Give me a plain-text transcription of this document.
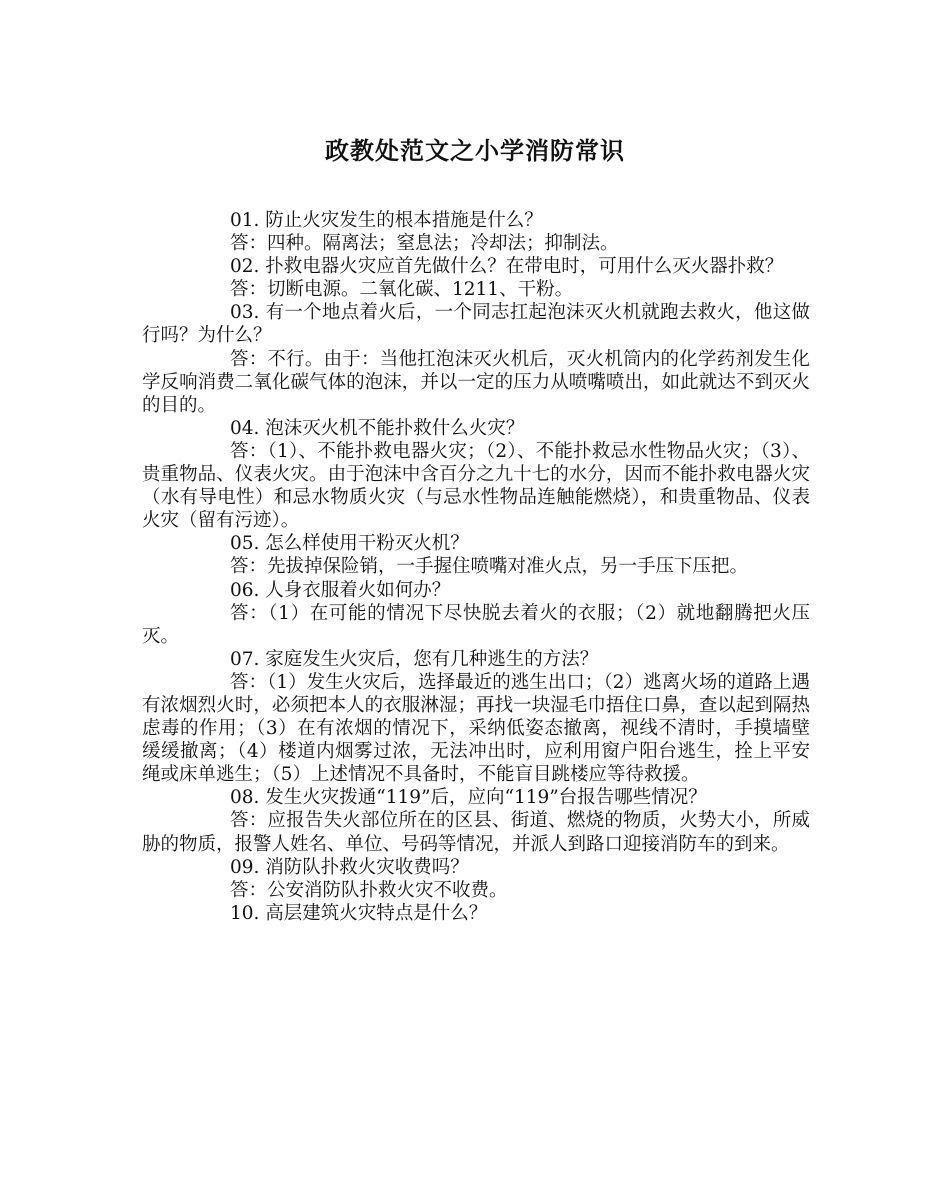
政教处范文之小学消防常识

01. 防止火灾发生的根本措施是什么？

答：四种。隔离法；窒息法；冷却法；抑制法。

02. 扑救电器火灾应首先做什么？在带电时，可用什么灭火器扑救？

答：切断电源。二氧化碳、1211、干粉。

03. 有一个地点着火后，一个同志扛起泡沫灭火机就跑去救火，他这做行吗？为什么？

答：不行。由于：当他扛泡沫灭火机后，灭火机筒内的化学药剂发生化学反响消费二氧化碳气体的泡沫，并以一定的压力从喷嘴喷出，如此就达不到灭火的目的。

04. 泡沫灭火机不能扑救什么火灾？

答：（1）、不能扑救电器火灾；（2）、不能扑救忌水性物品火灾；（3）、贵重物品、仪表火灾。由于泡沫中含百分之九十七的水分，因而不能扑救电器火灾（水有导电性）和忌水物质火灾（与忌水性物品连触能燃烧），和贵重物品、仪表火灾（留有污迹）。

05. 怎么样使用干粉灭火机？

答：先拔掉保险销，一手握住喷嘴对准火点，另一手压下压把。

06. 人身衣服着火如何办？

答：（1）在可能的情况下尽快脱去着火的衣服；（2）就地翻腾把火压灭。

07. 家庭发生火灾后，您有几种逃生的方法？

答：（1）发生火灾后，选择最近的逃生出口；（2）逃离火场的道路上遇有浓烟烈火时，必须把本人的衣服淋湿；再找一块湿毛巾捂住口鼻，查以起到隔热虑毒的作用；（3）在有浓烟的情况下，采纳低姿态撤离，视线不清时，手摸墙壁缓缓撤离；（4）楼道内烟雾过浓，无法冲出时，应利用窗户阳台逃生，拴上平安绳或床单逃生；（5）上述情况不具备时，不能盲目跳楼应等待救援。

08. 发生火灾拨通“119”后，应向“119”台报告哪些情况？

答：应报告失火部位所在的区县、街道、燃烧的物质，火势大小，所威胁的物质，报警人姓名、单位、号码等情况，并派人到路口迎接消防车的到来。

09. 消防队扑救火灾收费吗？

答：公安消防队扑救火灾不收费。

10. 高层建筑火灾特点是什么？
